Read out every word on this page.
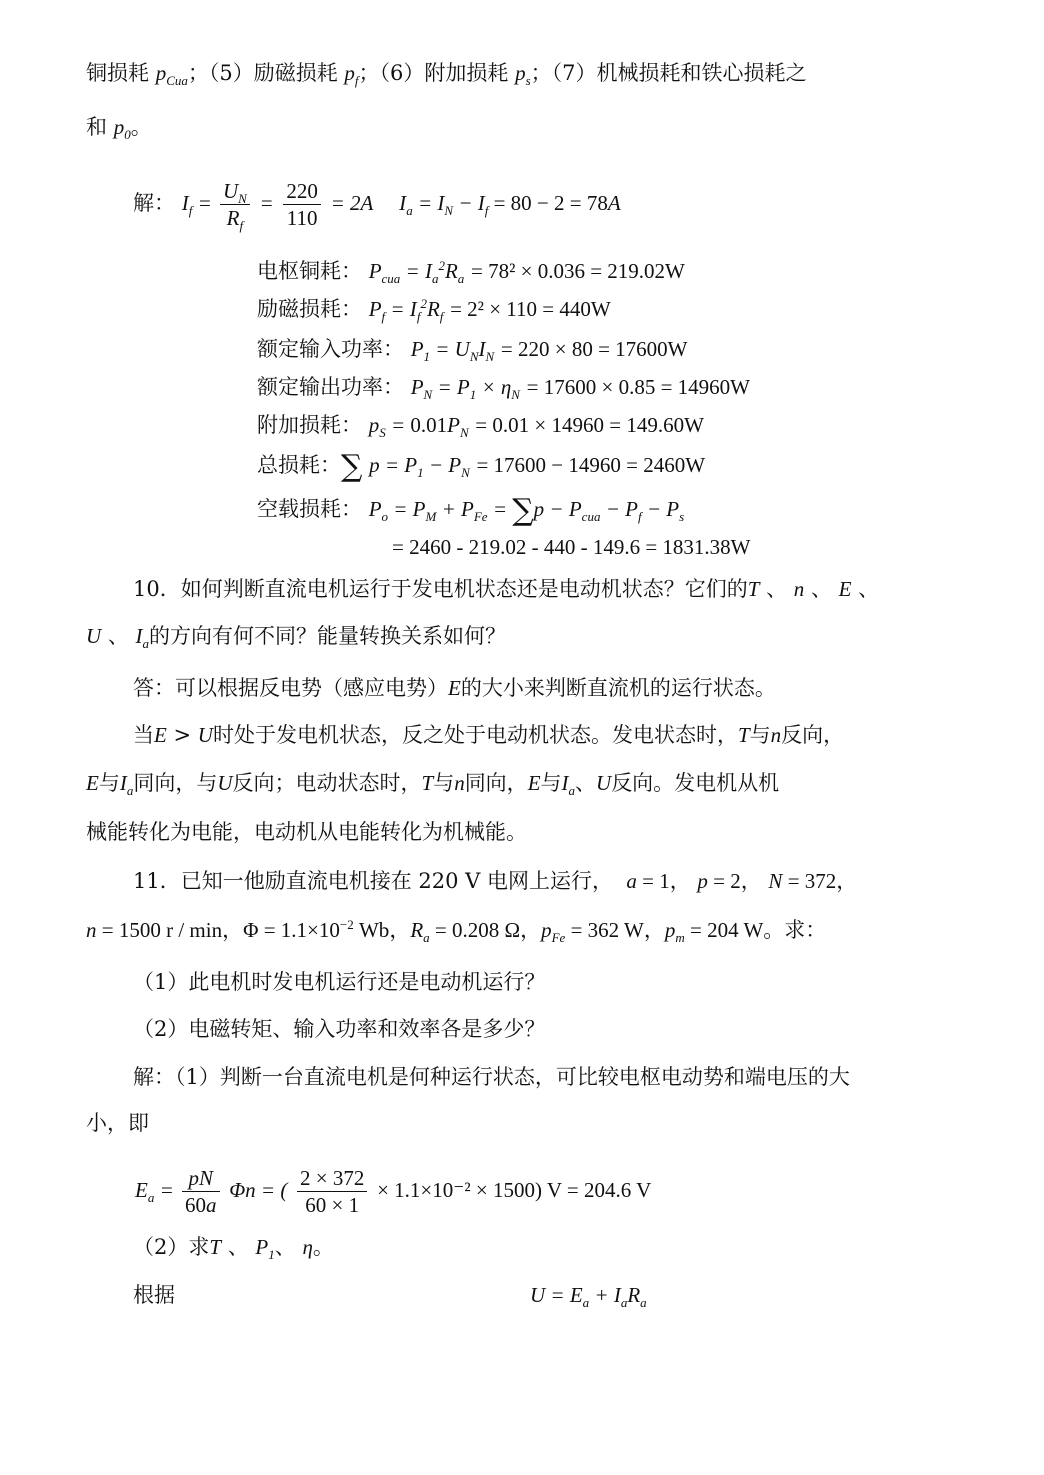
铜损耗 $p_{Cua}$；（5）励磁损耗 $p_f$；（6）附加损耗 $p_s$；（7）机械损耗和铁心损耗之
和 $p_0$。
解： $I_f = \frac{U_N}{R_f} = \frac{220}{110} = 2A$     $I_a = I_N - I_f = 80 - 2 = 78A$
电枢铜耗： $P_{cua} = I_a^2R_a = 78^2 \times 0.036 = 219.02W$
励磁损耗： $P_f = I_f^2R_f = 2^2 \times 110 = 440W$
额定输入功率： $P_1 = U_NI_N = 220 \times 80 = 17600W$
额定输出功率： $P_N = P_1 \times \eta_N = 17600 \times 0.85 = 14960W$
附加损耗： $p_S = 0.01P_N = 0.01 \times 14960 = 149.60W$
总损耗：∑ $p = P_1 - P_N = 17600 - 14960 = 2460W$
空载损耗： $P_o = P_M + P_{Fe} = \sum p - P_{cua} - P_f - P_s$
= 2460 - 219.02 - 440 - 149.6 = 1831.38W
10．如何判断直流电机运行于发电机状态还是电动机状态？它们的T 、 n 、 E 、
U 、 $I_a$的方向有何不同？能量转换关系如何？
答：可以根据反电势（感应电势）E的大小来判断直流机的运行状态。
当E > U时处于发电机状态，反之处于电动机状态。发电状态时，T与n反向，
E与$I_a$同向，与U反向；电动状态时，T与n同向，E与$I_a$、U反向。发电机从机
械能转化为电能，电动机从电能转化为机械能。
11．已知一他励直流电机接在 220 V 电网上运行， a = 1， p = 2， N = 372，
n = 1500 r / min，$\Phi = 1.1\times 10^{-2}$ Wb，$R_a = 0.208$ Ω，$p_{Fe} = 362$ W，$p_m = 204$ W。求：
（1）此电机时发电机运行还是电动机运行？
（2）电磁转矩、输入功率和效率各是多少？
解：（1）判断一台直流电机是何种运行状态，可比较电枢电动势和端电压的大
小，即
$E_a = \frac{pN}{60a}$ Φn = ( $\frac{2 \times 372}{60 \times 1} \times 1.1\times 10^{-2} \times 1500$) V = 204.6 V
（2）求T 、 $P_1$、 η。
根据	$U = E_a + I_aR_a$
